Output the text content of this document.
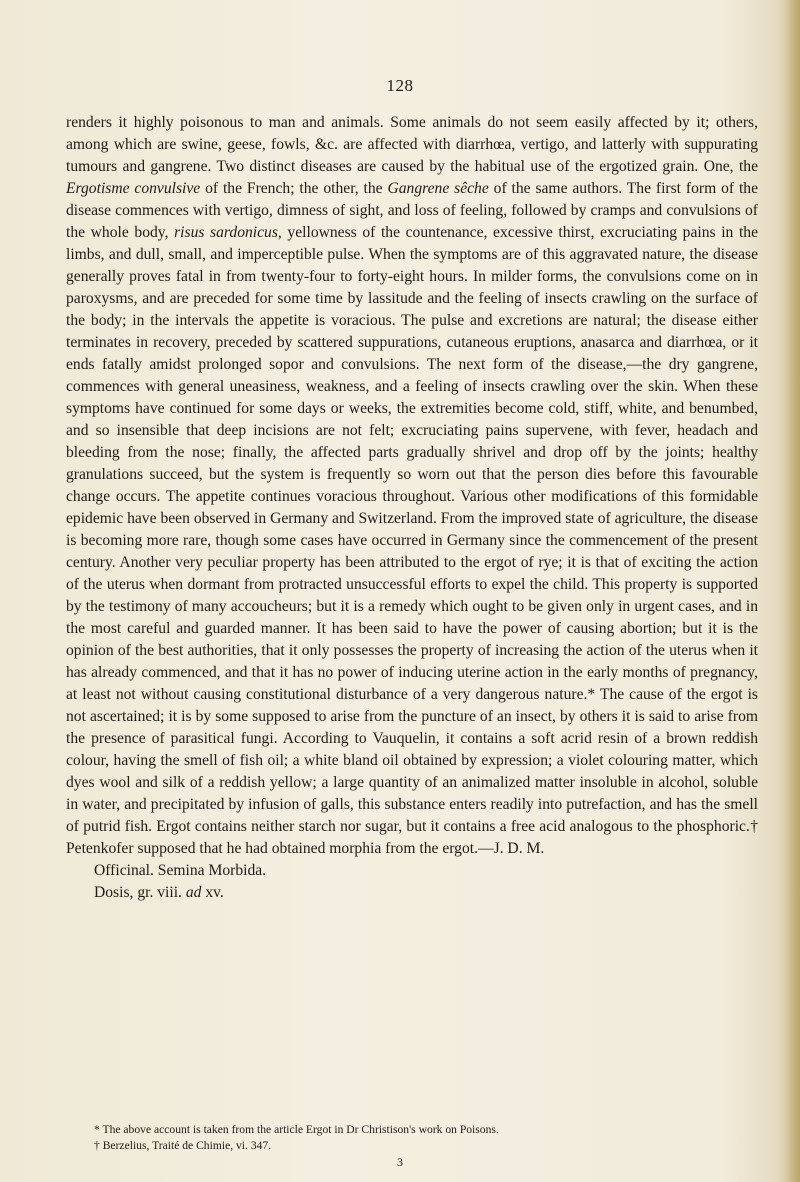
128

renders it highly poisonous to man and animals. Some animals do not seem easily affected by it; others, among which are swine, geese, fowls, &c. are affected with diarrhœa, vertigo, and latterly with suppurating tumours and gangrene. Two distinct diseases are caused by the habitual use of the ergotized grain. One, the Ergotisme convulsive of the French; the other, the Gangrene sêche of the same authors. The first form of the disease commences with vertigo, dimness of sight, and loss of feeling, followed by cramps and convulsions of the whole body, risus sardonicus, yellowness of the countenance, excessive thirst, excruciating pains in the limbs, and dull, small, and imperceptible pulse. When the symptoms are of this aggravated nature, the disease generally proves fatal in from twenty-four to forty-eight hours. In milder forms, the convulsions come on in paroxysms, and are preceded for some time by lassitude and the feeling of insects crawling on the surface of the body; in the intervals the appetite is voracious. The pulse and excretions are natural; the disease either terminates in recovery, preceded by scattered suppurations, cutaneous eruptions, anasarca and diarrhœa, or it ends fatally amidst prolonged sopor and convulsions. The next form of the disease,—the dry gangrene, commences with general uneasiness, weakness, and a feeling of insects crawling over the skin. When these symptoms have continued for some days or weeks, the extremities become cold, stiff, white, and benumbed, and so insensible that deep incisions are not felt; excruciating pains supervene, with fever, headach and bleeding from the nose; finally, the affected parts gradually shrivel and drop off by the joints; healthy granulations succeed, but the system is frequently so worn out that the person dies before this favourable change occurs. The appetite continues voracious throughout. Various other modifications of this formidable epidemic have been observed in Germany and Switzerland. From the improved state of agriculture, the disease is becoming more rare, though some cases have occurred in Germany since the commencement of the present century. Another very peculiar property has been attributed to the ergot of rye; it is that of exciting the action of the uterus when dormant from protracted unsuccessful efforts to expel the child. This property is supported by the testimony of many accoucheurs; but it is a remedy which ought to be given only in urgent cases, and in the most careful and guarded manner. It has been said to have the power of causing abortion; but it is the opinion of the best authorities, that it only possesses the property of increasing the action of the uterus when it has already commenced, and that it has no power of inducing uterine action in the early months of pregnancy, at least not without causing constitutional disturbance of a very dangerous nature.* The cause of the ergot is not ascertained; it is by some supposed to arise from the puncture of an insect, by others it is said to arise from the presence of parasitical fungi. According to Vauquelin, it contains a soft acrid resin of a brown reddish colour, having the smell of fish oil; a white bland oil obtained by expression; a violet colouring matter, which dyes wool and silk of a reddish yellow; a large quantity of an animalized matter insoluble in alcohol, soluble in water, and precipitated by infusion of galls, this substance enters readily into putrefaction, and has the smell of putrid fish. Ergot contains neither starch nor sugar, but it contains a free acid analogous to the phosphoric.† Petenkofer supposed that he had obtained morphia from the ergot.—J. D. M.

Officinal. Semina Morbida.

Dosis, gr. viii. ad xv.

* The above account is taken from the article Ergot in Dr Christison's work on Poisons.

† Berzelius, Traité de Chimie, vi. 347.

3
